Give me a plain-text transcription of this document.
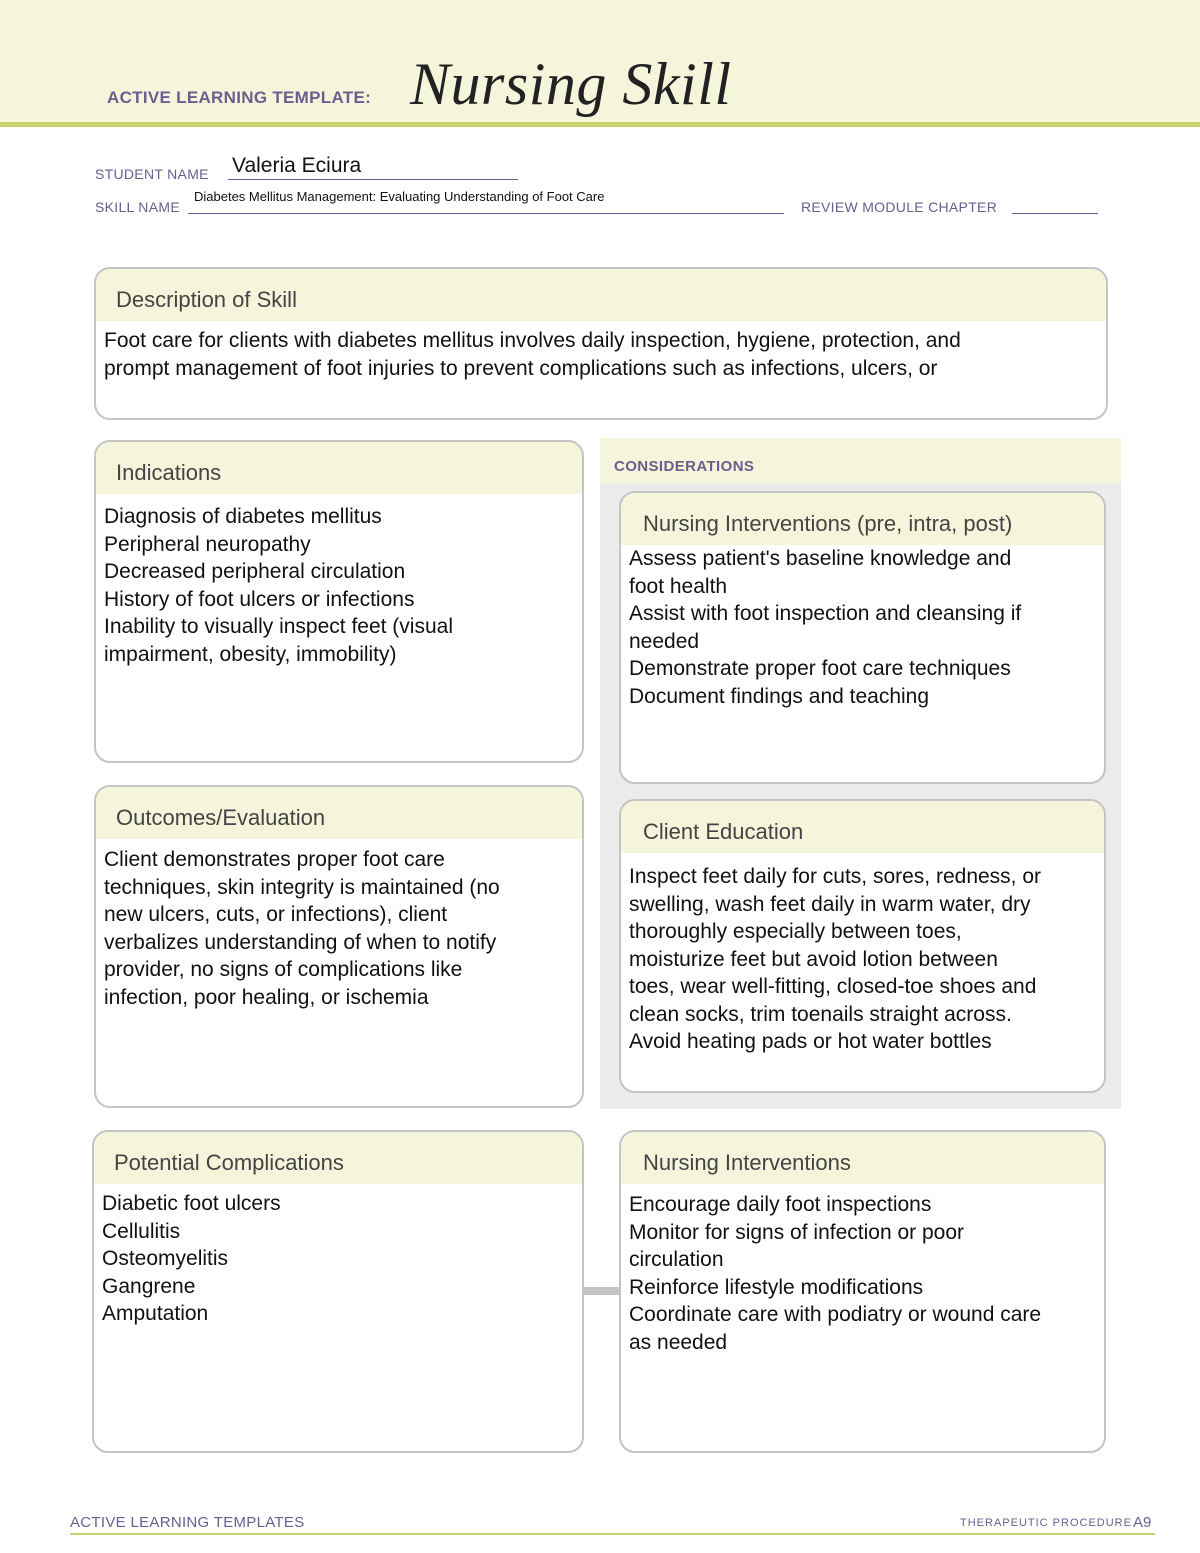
ACTIVE LEARNING TEMPLATE: Nursing Skill
STUDENT NAME Valeria Eciura
SKILL NAME
Diabetes Mellitus Management: Evaluating Understanding of Foot Care
REVIEW MODULE CHAPTER
Description of Skill
Foot care for clients with diabetes mellitus involves daily inspection, hygiene, protection, and
prompt management of foot injuries to prevent complications such as infections, ulcers, or
CONSIDERATIONS
Indications
Diagnosis of diabetes mellitus
Peripheral neuropathy
Decreased peripheral circulation
History of foot ulcers or infections
Inability to visually inspect feet (visual
impairment, obesity, immobility)
Nursing Interventions (pre, intra, post)
Assess patient's baseline knowledge and
foot health
Assist with foot inspection and cleansing if
needed
Demonstrate proper foot care techniques
Document findings and teaching
Outcomes/Evaluation
Client demonstrates proper foot care
techniques, skin integrity is maintained (no
new ulcers, cuts, or infections), client
verbalizes understanding of when to notify
provider, no signs of complications like
infection, poor healing, or ischemia
Client Education
Inspect feet daily for cuts, sores, redness, or
swelling, wash feet daily in warm water, dry
thoroughly especially between toes,
moisturize feet but avoid lotion between
toes, wear well-fitting, closed-toe shoes and
clean socks, trim toenails straight across.
Avoid heating pads or hot water bottles
Potential Complications
Diabetic foot ulcers
Cellulitis
Osteomyelitis
Gangrene
Amputation
Nursing Interventions
Encourage daily foot inspections
Monitor for signs of infection or poor
circulation
Reinforce lifestyle modifications
Coordinate care with podiatry or wound care
as needed
ACTIVE LEARNING TEMPLATES	THERAPEUTIC PROCEDURE A9
